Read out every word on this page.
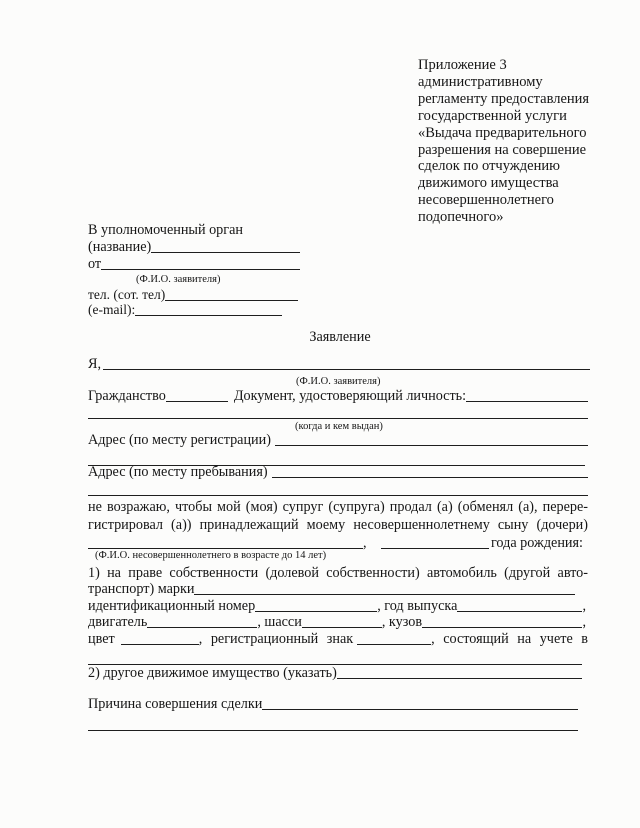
Приложение 3
административному
регламенту предоставления
государственной услуги
«Выдача предварительного
разрешения на совершение
сделок по отчуждению
движимого имущества
несовершеннолетнего
подопечного»
В уполномоченный орган
(название)
от
(Ф.И.О. заявителя)
тел. (сот. тел)
(e-mail):
Заявление
Я,
(Ф.И.О. заявителя)
Гражданство	Документ, удостоверяющий личность:
(когда и кем выдан)
Адрес (по месту регистрации)
Адрес (по месту пребывания)
не возражаю, чтобы мой (моя) супруг (супруга) продал (а) (обменял (а), перере-
гистрировал (а)) принадлежащий моему несовершеннолетнему сыну (дочери)
,	года рождения:
(Ф.И.О. несовершеннолетнего в возрасте до 14 лет)
1) на праве собственности (долевой собственности) автомобиль (другой авто-
транспорт) марки
идентификационный номер	, год выпуска	,
двигатель	, шасси	, кузов	,
цвет	, регистрационный знак	, состоящий на учете в
2) другое движимое имущество (указать)
Причина совершения сделки
